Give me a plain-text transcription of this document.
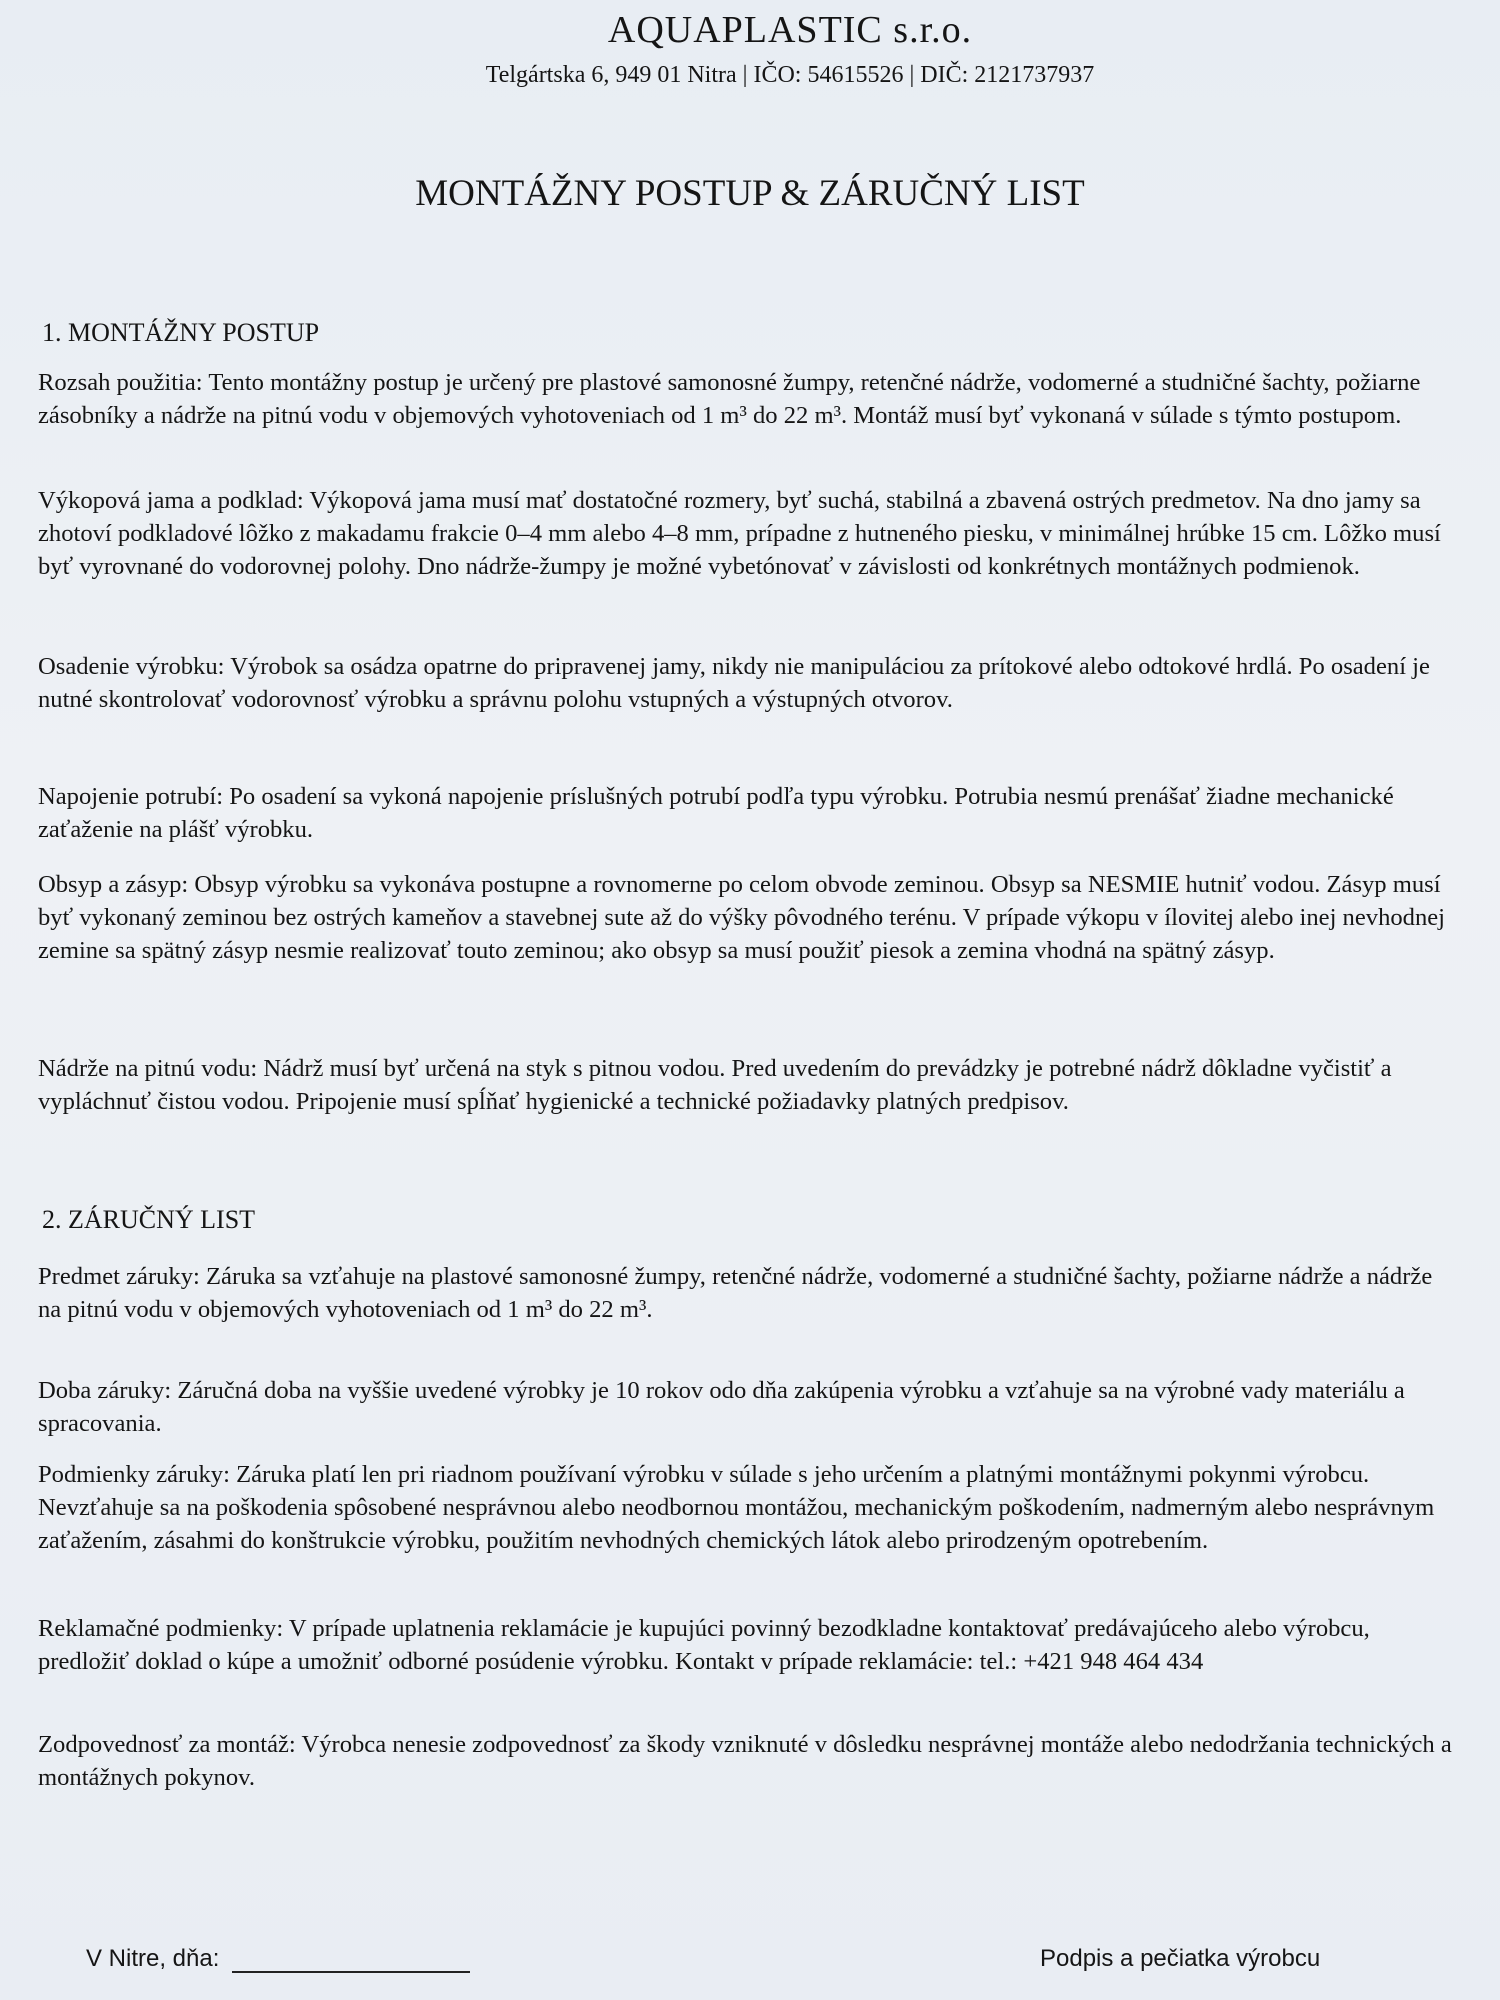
AQUAPLASTIC s.r.o.
Telgártska 6, 949 01 Nitra | IČO: 54615526 | DIČ: 2121737937
MONTÁŽNY POSTUP & ZÁRUČNÝ LIST
1. MONTÁŽNY POSTUP
Rozsah použitia: Tento montážny postup je určený pre plastové samonosné žumpy, retenčné nádrže, vodomerné a studničné šachty, požiarne zásobníky a nádrže na pitnú vodu v objemových vyhotoveniach od 1 m³ do 22 m³. Montáž musí byť vykonaná v súlade s týmto postupom.
Výkopová jama a podklad: Výkopová jama musí mať dostatočné rozmery, byť suchá, stabilná a zbavená ostrých predmetov. Na dno jamy sa zhotoví podkladové lôžko z makadamu frakcie 0–4 mm alebo 4–8 mm, prípadne z hutneného piesku, v minimálnej hrúbke 15 cm. Lôžko musí byť vyrovnané do vodorovnej polohy. Dno nádrže-žumpy je možné vybetónovať v závislosti od konkrétnych montážnych podmienok.
Osadenie výrobku: Výrobok sa osádza opatrne do pripravenej jamy, nikdy nie manipuláciou za prítokové alebo odtokové hrdlá. Po osadení je nutné skontrolovať vodorovnosť výrobku a správnu polohu vstupných a výstupných otvorov.
Napojenie potrubí: Po osadení sa vykoná napojenie príslušných potrubí podľa typu výrobku. Potrubia nesmú prenášať žiadne mechanické zaťaženie na plášť výrobku.
Obsyp a zásyp: Obsyp výrobku sa vykonáva postupne a rovnomerne po celom obvode zeminou. Obsyp sa NESMIE hutniť vodou. Zásyp musí byť vykonaný zeminou bez ostrých kameňov a stavebnej sute až do výšky pôvodného terénu. V prípade výkopu v ílovitej alebo inej nevhodnej zemine sa spätný zásyp nesmie realizovať touto zeminou; ako obsyp sa musí použiť piesok a zemina vhodná na spätný zásyp.
Nádrže na pitnú vodu: Nádrž musí byť určená na styk s pitnou vodou. Pred uvedením do prevádzky je potrebné nádrž dôkladne vyčistiť a vypláchnuť čistou vodou. Pripojenie musí spĺňať hygienické a technické požiadavky platných predpisov.
2. ZÁRUČNÝ LIST
Predmet záruky: Záruka sa vzťahuje na plastové samonosné žumpy, retenčné nádrže, vodomerné a studničné šachty, požiarne nádrže a nádrže na pitnú vodu v objemových vyhotoveniach od 1 m³ do 22 m³.
Doba záruky: Záručná doba na vyššie uvedené výrobky je 10 rokov odo dňa zakúpenia výrobku a vzťahuje sa na výrobné vady materiálu a spracovania.
Podmienky záruky: Záruka platí len pri riadnom používaní výrobku v súlade s jeho určením a platnými montážnymi pokynmi výrobcu. Nevzťahuje sa na poškodenia spôsobené nesprávnou alebo neodbornou montážou, mechanickým poškodením, nadmerným alebo nesprávnym zaťažením, zásahmi do konštrukcie výrobku, použitím nevhodných chemických látok alebo prirodzeným opotrebením.
Reklamačné podmienky: V prípade uplatnenia reklamácie je kupujúci povinný bezodkladne kontaktovať predávajúceho alebo výrobcu, predložiť doklad o kúpe a umožniť odborné posúdenie výrobku. Kontakt v prípade reklamácie: tel.: +421 948 464 434
Zodpovednosť za montáž: Výrobca nenesie zodpovednosť za škody vzniknuté v dôsledku nesprávnej montáže alebo nedodržania technických a montážnych pokynov.
V Nitre, dňa:	Podpis a pečiatka výrobcu
